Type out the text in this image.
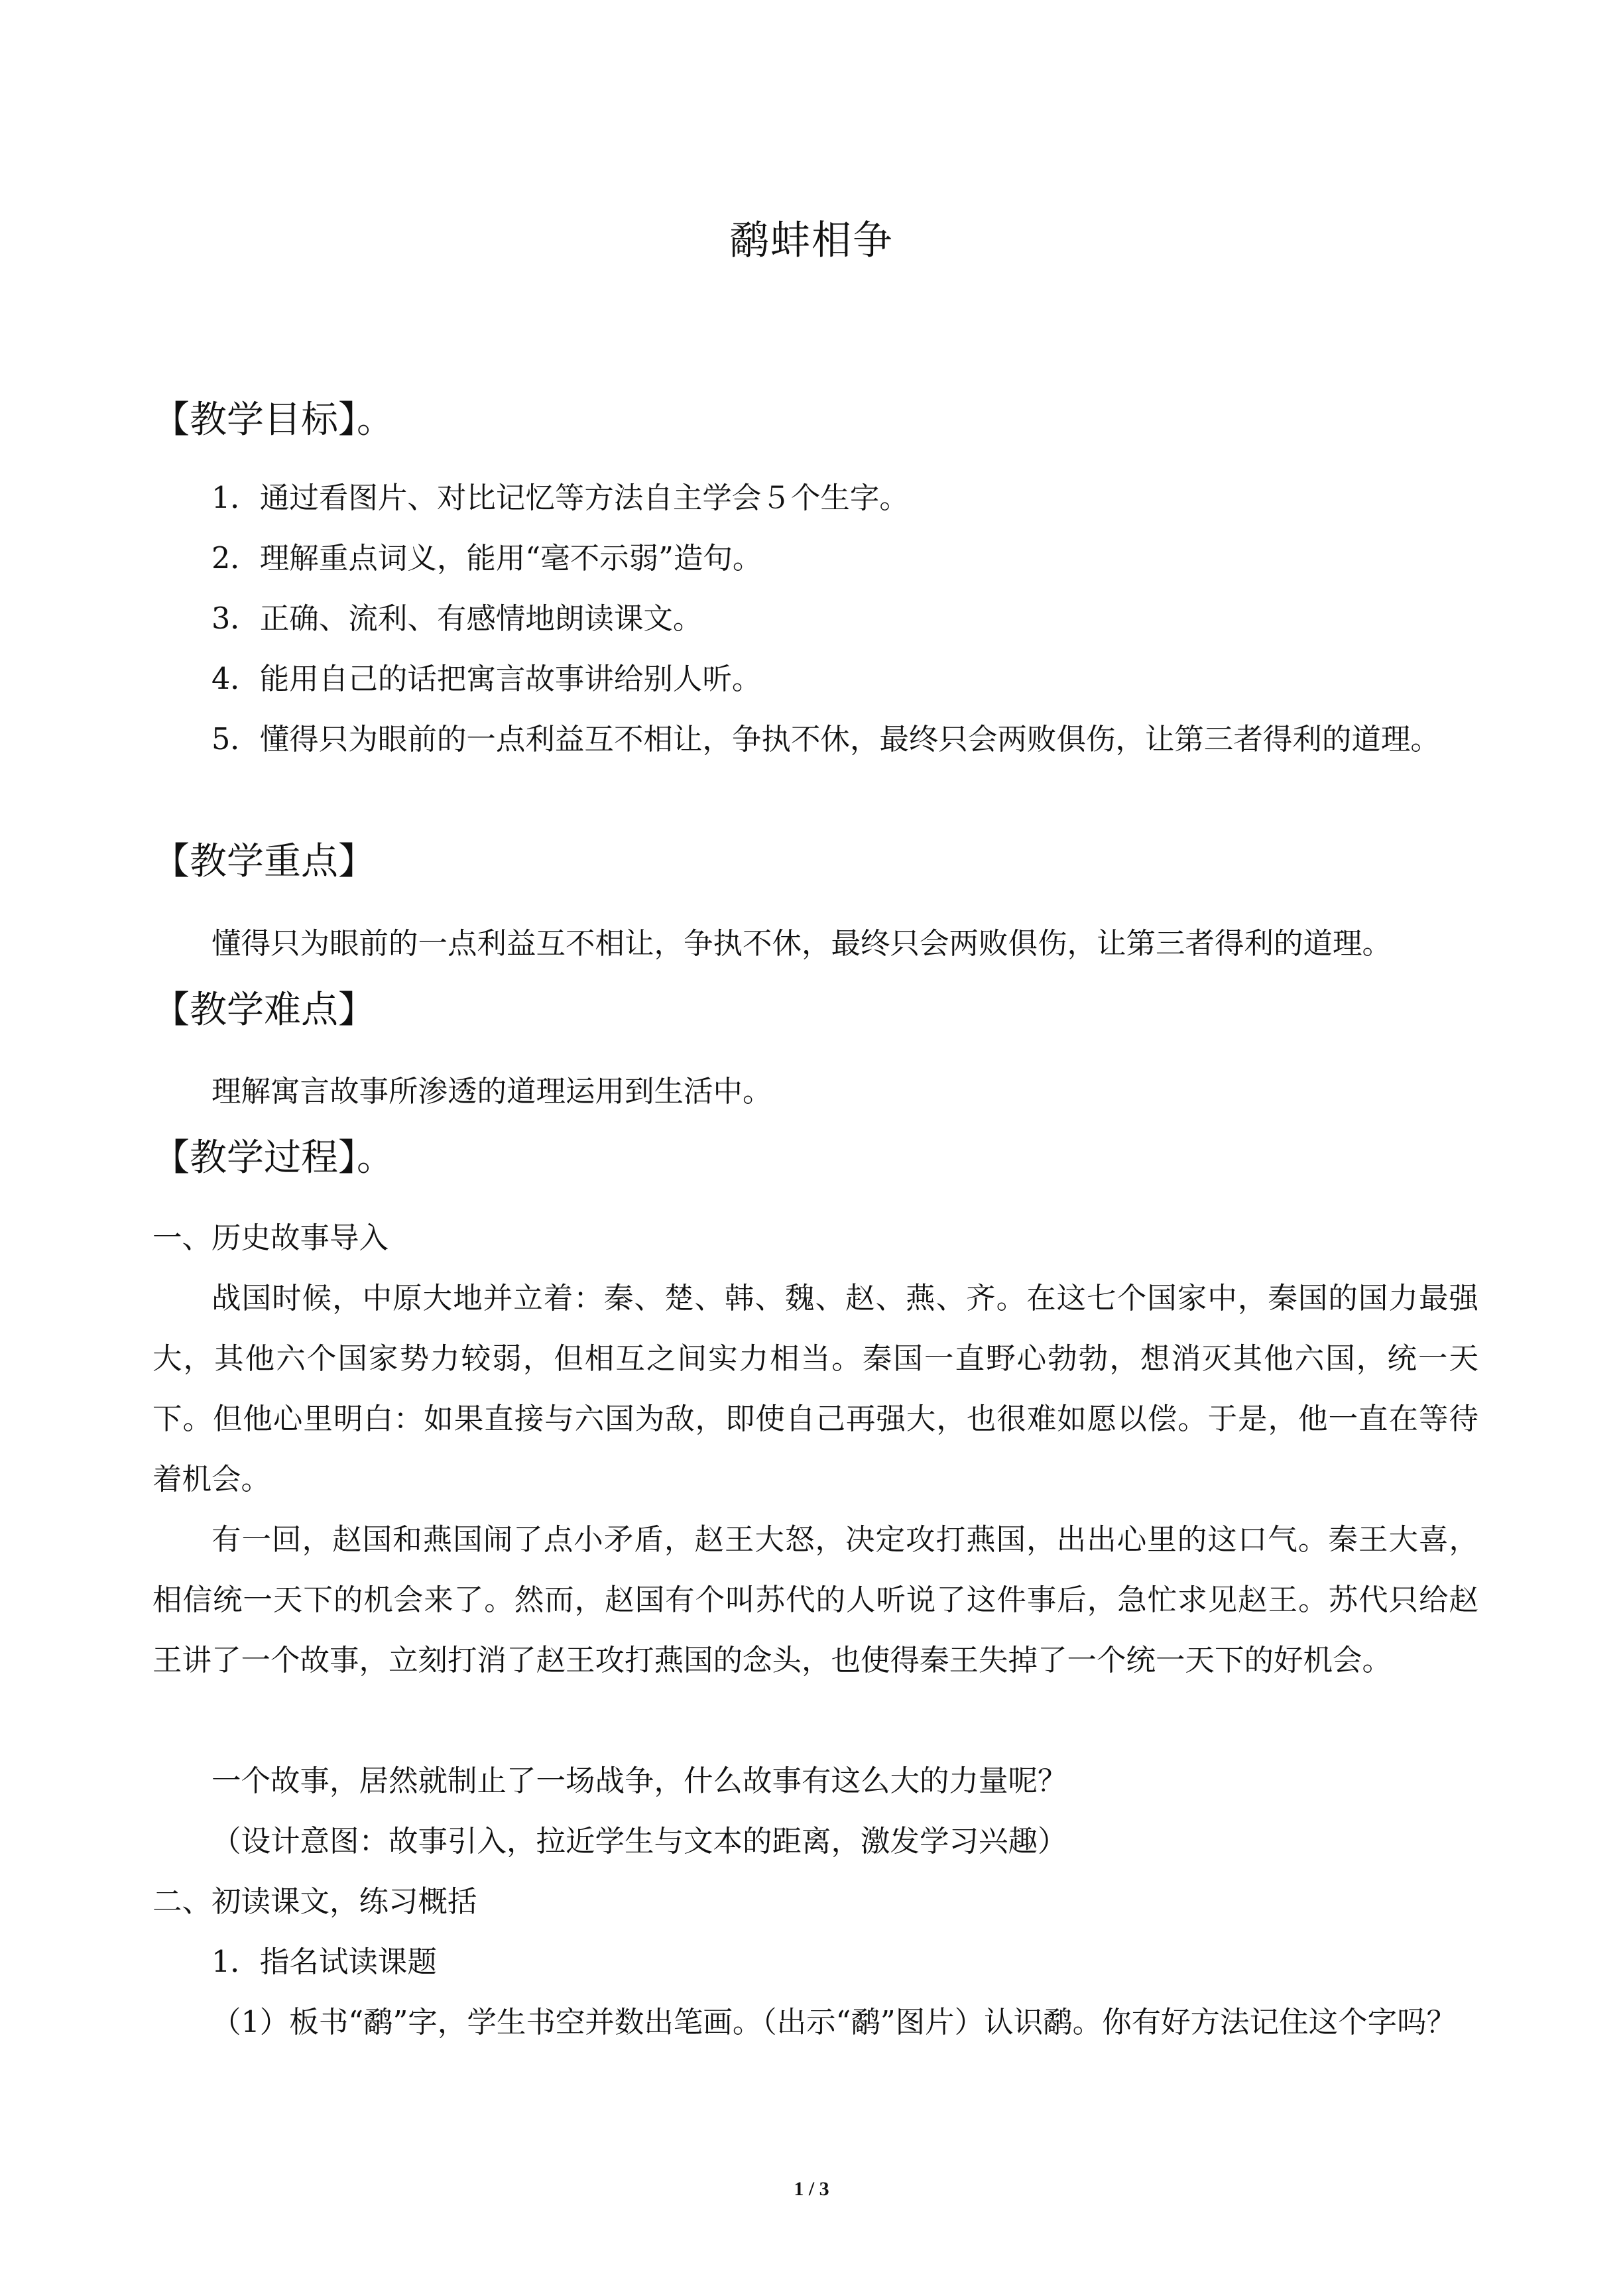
鹬蚌相争
【教学目标】。

1．通过看图片、对比记忆等方法自主学会５个生字。

2．理解重点词义，能用“毫不示弱”造句。

3．正确、流利、有感情地朗读课文。

4．能用自己的话把寓言故事讲给别人听。

5．懂得只为眼前的一点利益互不相让，争执不休，最终只会两败俱伤，让第三者得利的道理。

【教学重点】

懂得只为眼前的一点利益互不相让，争执不休，最终只会两败俱伤，让第三者得利的道理。

【教学难点】

理解寓言故事所渗透的道理运用到生活中。

【教学过程】。
一、历史故事导入

战国时候，中原大地并立着：秦、楚、韩、魏、赵、燕、齐。在这七个国家中，秦国的国力最强大，其他六个国家势力较弱，但相互之间实力相当。秦国一直野心勃勃，想消灭其他六国，统一天下。但他心里明白：如果直接与六国为敌，即使自己再强大，也很难如愿以偿。于是，他一直在等待着机会。

有一回，赵国和燕国闹了点小矛盾，赵王大怒，决定攻打燕国，出出心里的这口气。秦王大喜，相信统一天下的机会来了。然而，赵国有个叫苏代的人听说了这件事后，急忙求见赵王。苏代只给赵王讲了一个故事，立刻打消了赵王攻打燕国的念头，也使得秦王失掉了一个统一天下的好机会。

一个故事，居然就制止了一场战争，什么故事有这么大的力量呢？

（设计意图：故事引入，拉近学生与文本的距离，激发学习兴趣）

二、初读课文，练习概括

1．指名试读课题

（1）板书“鹬”字，学生书空并数出笔画。（出示“鹬”图片）认识鹬。你有好方法记住这个字吗？

1 / 3
